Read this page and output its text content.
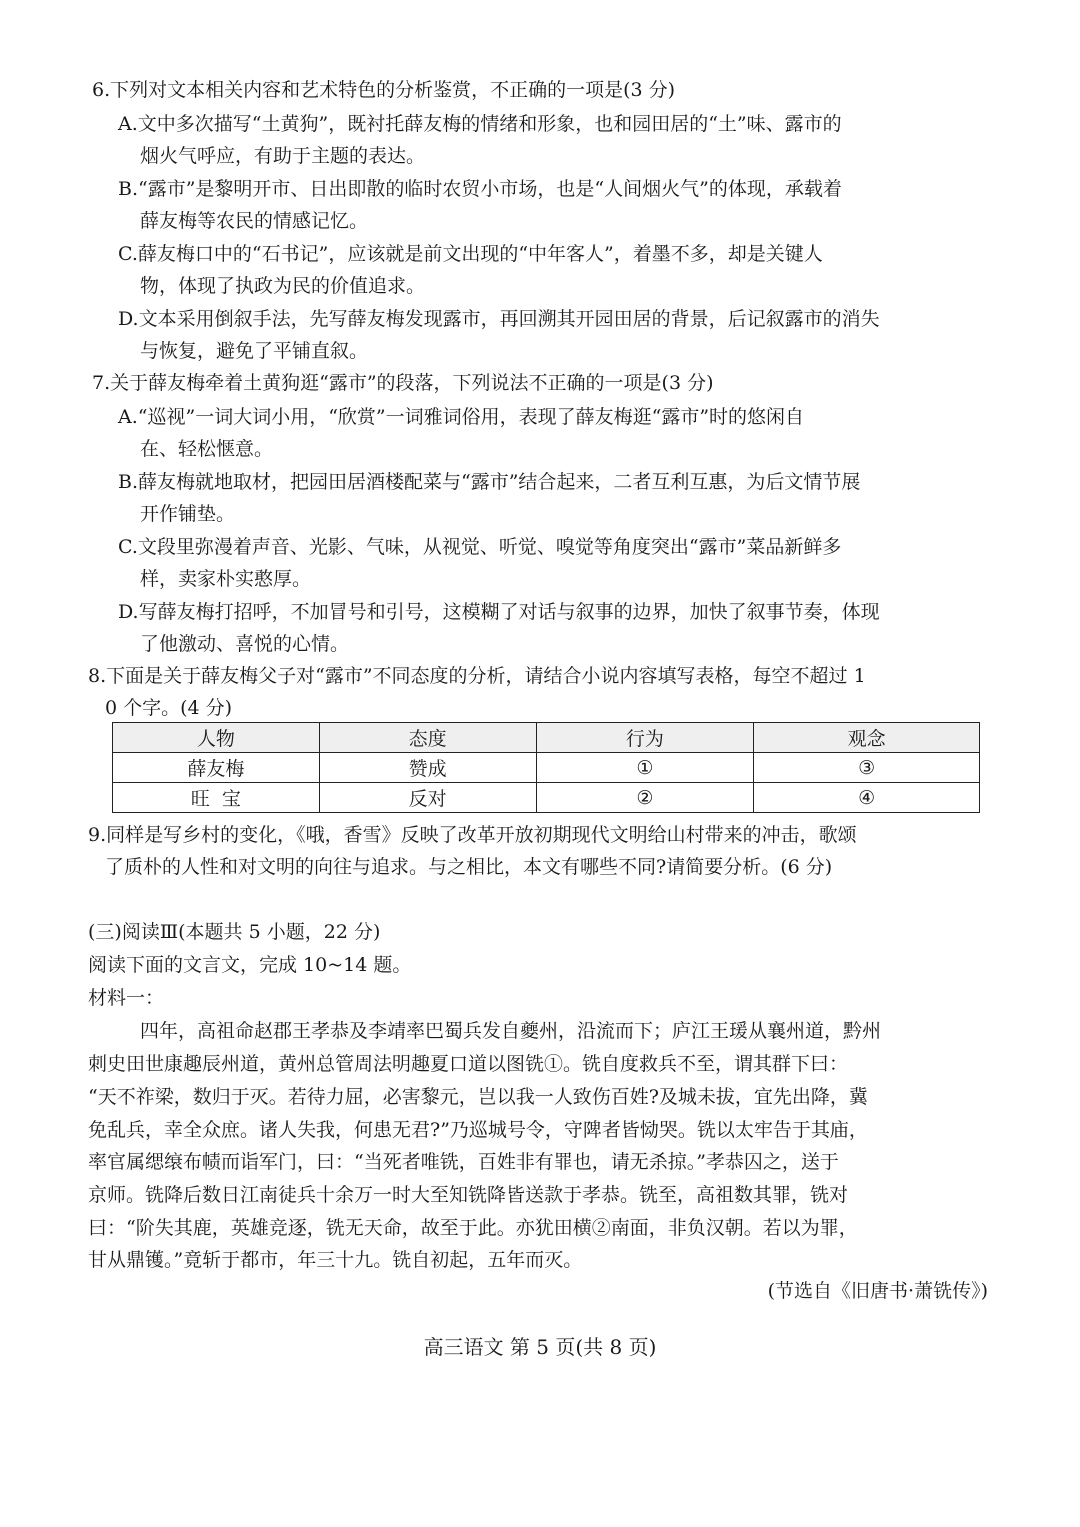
6.下列对文本相关内容和艺术特色的分析鉴赏，不正确的一项是(3 分)
A.文中多次描写“土黄狗”，既衬托薛友梅的情绪和形象，也和园田居的“土”味、露市的
烟火气呼应，有助于主题的表达。
B.“露市”是黎明开市、日出即散的临时农贸小市场，也是“人间烟火气”的体现，承载着
薛友梅等农民的情感记忆。
C.薛友梅口中的“石书记”，应该就是前文出现的“中年客人”，着墨不多，却是关键人
物，体现了执政为民的价值追求。
D.文本采用倒叙手法，先写薛友梅发现露市，再回溯其开园田居的背景，后记叙露市的消失
与恢复，避免了平铺直叙。
7.关于薛友梅牵着土黄狗逛“露市”的段落，下列说法不正确的一项是(3 分)
A.“巡视”一词大词小用，“欣赏”一词雅词俗用，表现了薛友梅逛“露市”时的悠闲自
在、轻松惬意。
B.薛友梅就地取材，把园田居酒楼配菜与“露市”结合起来，二者互利互惠，为后文情节展
开作铺垫。
C.文段里弥漫着声音、光影、气味，从视觉、听觉、嗅觉等角度突出“露市”菜品新鲜多
样，卖家朴实憨厚。
D.写薛友梅打招呼，不加冒号和引号，这模糊了对话与叙事的边界，加快了叙事节奏，体现
了他激动、喜悦的心情。
8.下面是关于薛友梅父子对“露市”不同态度的分析，请结合小说内容填写表格，每空不超过 1
0 个字。(4 分)
人物	态度	行为	观念
薛友梅	赞成	①	③
旺  宝	反对	②	④
9.同样是写乡村的变化，《哦，香雪》反映了改革开放初期现代文明给山村带来的冲击，歌颂
了质朴的人性和对文明的向往与追求。与之相比，本文有哪些不同?请简要分析。(6 分)
(三)阅读Ⅲ(本题共 5 小题，22 分)
阅读下面的文言文，完成 10~14 题。
材料一：
四年，高祖命赵郡王孝恭及李靖率巴蜀兵发自夔州，沿流而下；庐江王瑗从襄州道，黔州
刺史田世康趣辰州道，黄州总管周法明趣夏口道以图铣①。铣自度救兵不至，谓其群下曰：
“天不祚梁，数归于灭。若待力屈，必害黎元，岂以我一人致伤百姓?及城未拔，宜先出降，冀
免乱兵，幸全众庶。诸人失我，何患无君?”乃巡城号令，守陴者皆恸哭。铣以太牢告于其庙，
率官属缌缞布帻而诣军门，曰：“当死者唯铣，百姓非有罪也，请无杀掠。”孝恭囚之，送于
京师。铣降后数日江南徒兵十余万一时大至知铣降皆送款于孝恭。铣至，高祖数其罪，铣对
曰：“阶失其鹿，英雄竞逐，铣无天命，故至于此。亦犹田横②南面，非负汉朝。若以为罪，
甘从鼎镬。”竟斩于都市，年三十九。铣自初起，五年而灭。
(节选自《旧唐书·萧铣传》)
高三语文 第 5 页(共 8 页)
